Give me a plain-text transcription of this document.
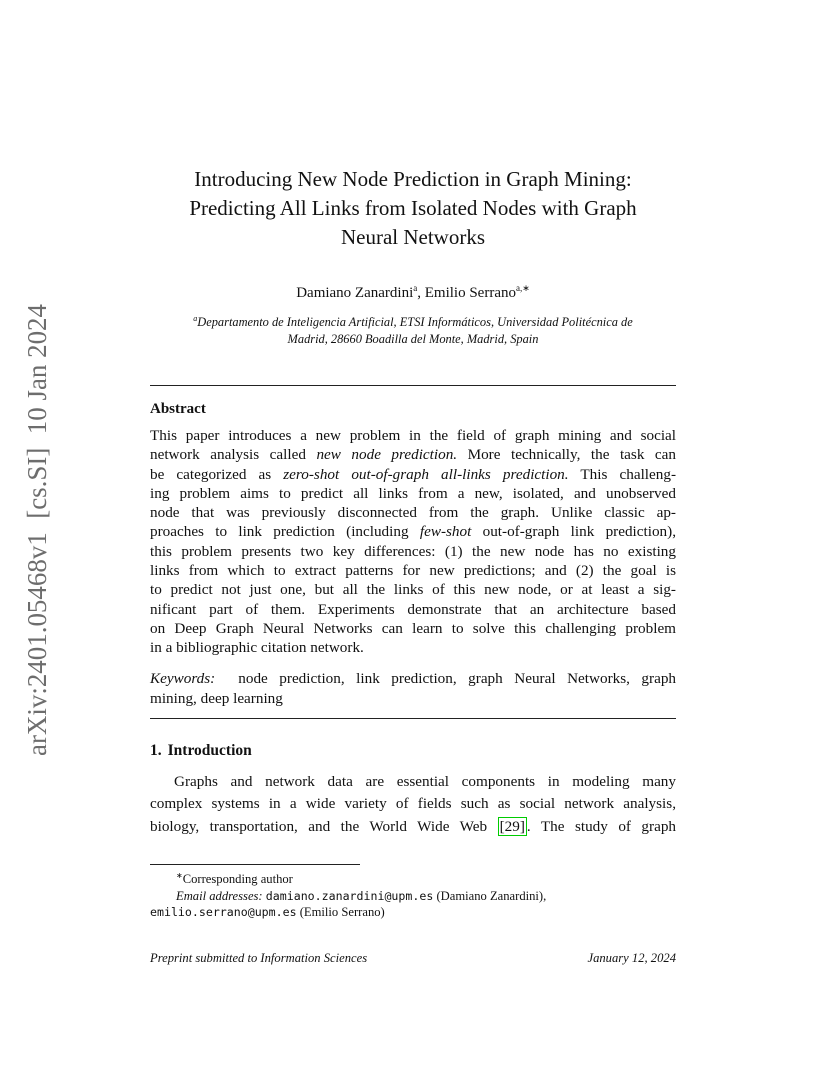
arXiv:2401.05468v1  [cs.SI]  10 Jan 2024
Introducing New Node Prediction in Graph Mining:
Predicting All Links from Isolated Nodes with Graph
Neural Networks
Damiano Zanardini$^a$, Emilio Serrano$^{a,∗}$
$^a$Departamento de Inteligencia Artificial, ETSI Informáticos, Universidad Politécnica de
Madrid, 28660 Boadilla del Monte, Madrid, Spain
Abstract
This paper introduces a new problem in the field of graph mining and social
network analysis called new node prediction. More technically, the task can
be categorized as zero-shot out-of-graph all-links prediction. This challeng-
ing problem aims to predict all links from a new, isolated, and unobserved
node that was previously disconnected from the graph. Unlike classic ap-
proaches to link prediction (including few-shot out-of-graph link prediction),
this problem presents two key differences: (1) the new node has no existing
links from which to extract patterns for new predictions; and (2) the goal is
to predict not just one, but all the links of this new node, or at least a sig-
nificant part of them. Experiments demonstrate that an architecture based
on Deep Graph Neural Networks can learn to solve this challenging problem
in a bibliographic citation network.
Keywords: node prediction, link prediction, graph Neural Networks, graph
mining, deep learning
1. Introduction
Graphs and network data are essential components in modeling many
complex systems in a wide variety of fields such as social network analysis,
biology, transportation, and the World Wide Web [29] . The study of graph
∗Corresponding author
Email addresses: damiano.zanardini@upm.es (Damiano Zanardini),
emilio.serrano@upm.es (Emilio Serrano)
Preprint submitted to Information Sciences	January 12, 2024
